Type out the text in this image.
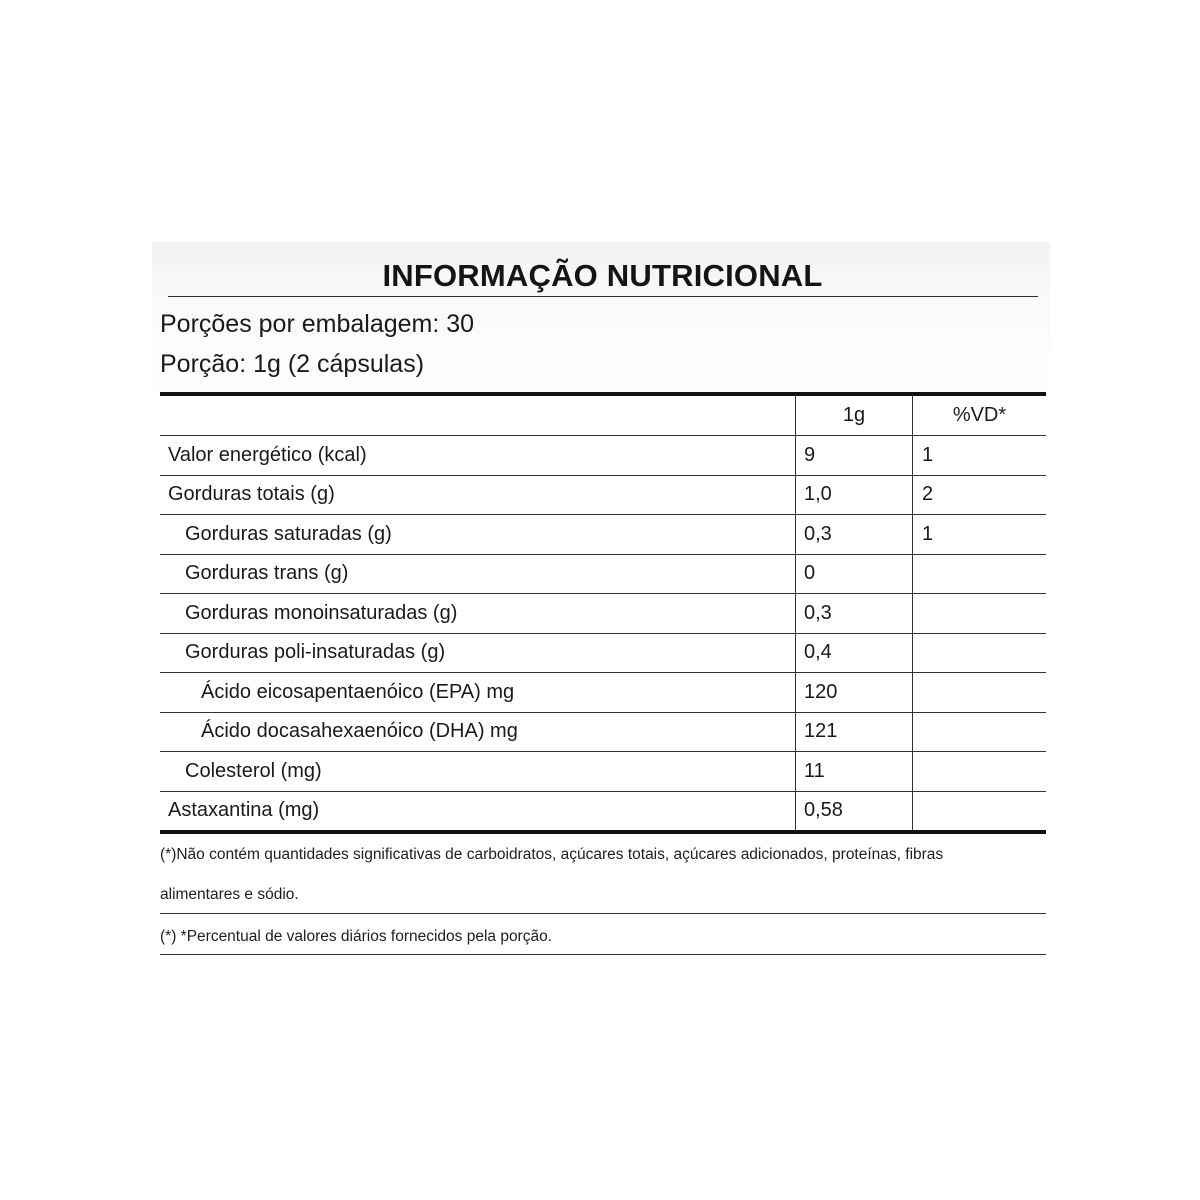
INFORMAÇÃO NUTRICIONAL
Porções por embalagem: 30
Porção: 1g (2 cápsulas)
	1g	%VD*
Valor energético (kcal)	9	1
Gorduras totais (g)	1,0	2
Gorduras saturadas (g)	0,3	1
Gorduras trans (g)	0	
Gorduras monoinsaturadas (g)	0,3	
Gorduras poli-insaturadas (g)	0,4	
Ácido eicosapentaenóico (EPA) mg	120	
Ácido docasahexaenóico (DHA) mg	121	
Colesterol (mg)	11	
Astaxantina (mg)	0,58	
(*)Não contém quantidades significativas de carboidratos, açúcares totais, açúcares adicionados, proteínas, fibras
alimentares e sódio.
(*) *Percentual de valores diários fornecidos pela porção.
